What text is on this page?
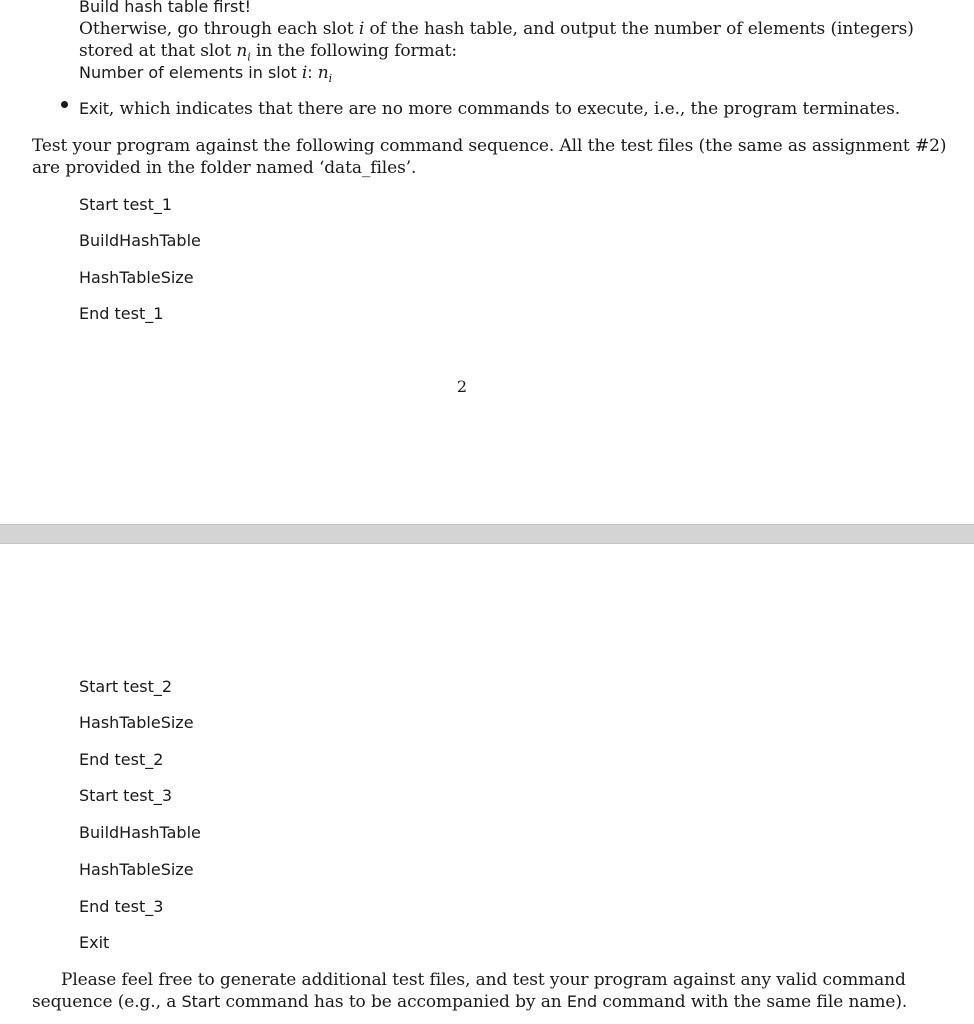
Build hash table first!
Otherwise, go through each slot i of the hash table, and output the number of elements (integers)
stored at that slot $n_i$ in the following format:
Number of elements in slot i: $n_i$
Exit, which indicates that there are no more commands to execute, i.e., the program terminates.
Test your program against the following command sequence. All the test files (the same as assignment #2)
are provided in the folder named ‘data_files’.
Start test_1
BuildHashTable
HashTableSize
End test_1
2
Start test_2
HashTableSize
End test_2
Start test_3
BuildHashTable
HashTableSize
End test_3
Exit
Please feel free to generate additional test files, and test your program against any valid command
sequence (e.g., a Start command has to be accompanied by an End command with the same file name).
